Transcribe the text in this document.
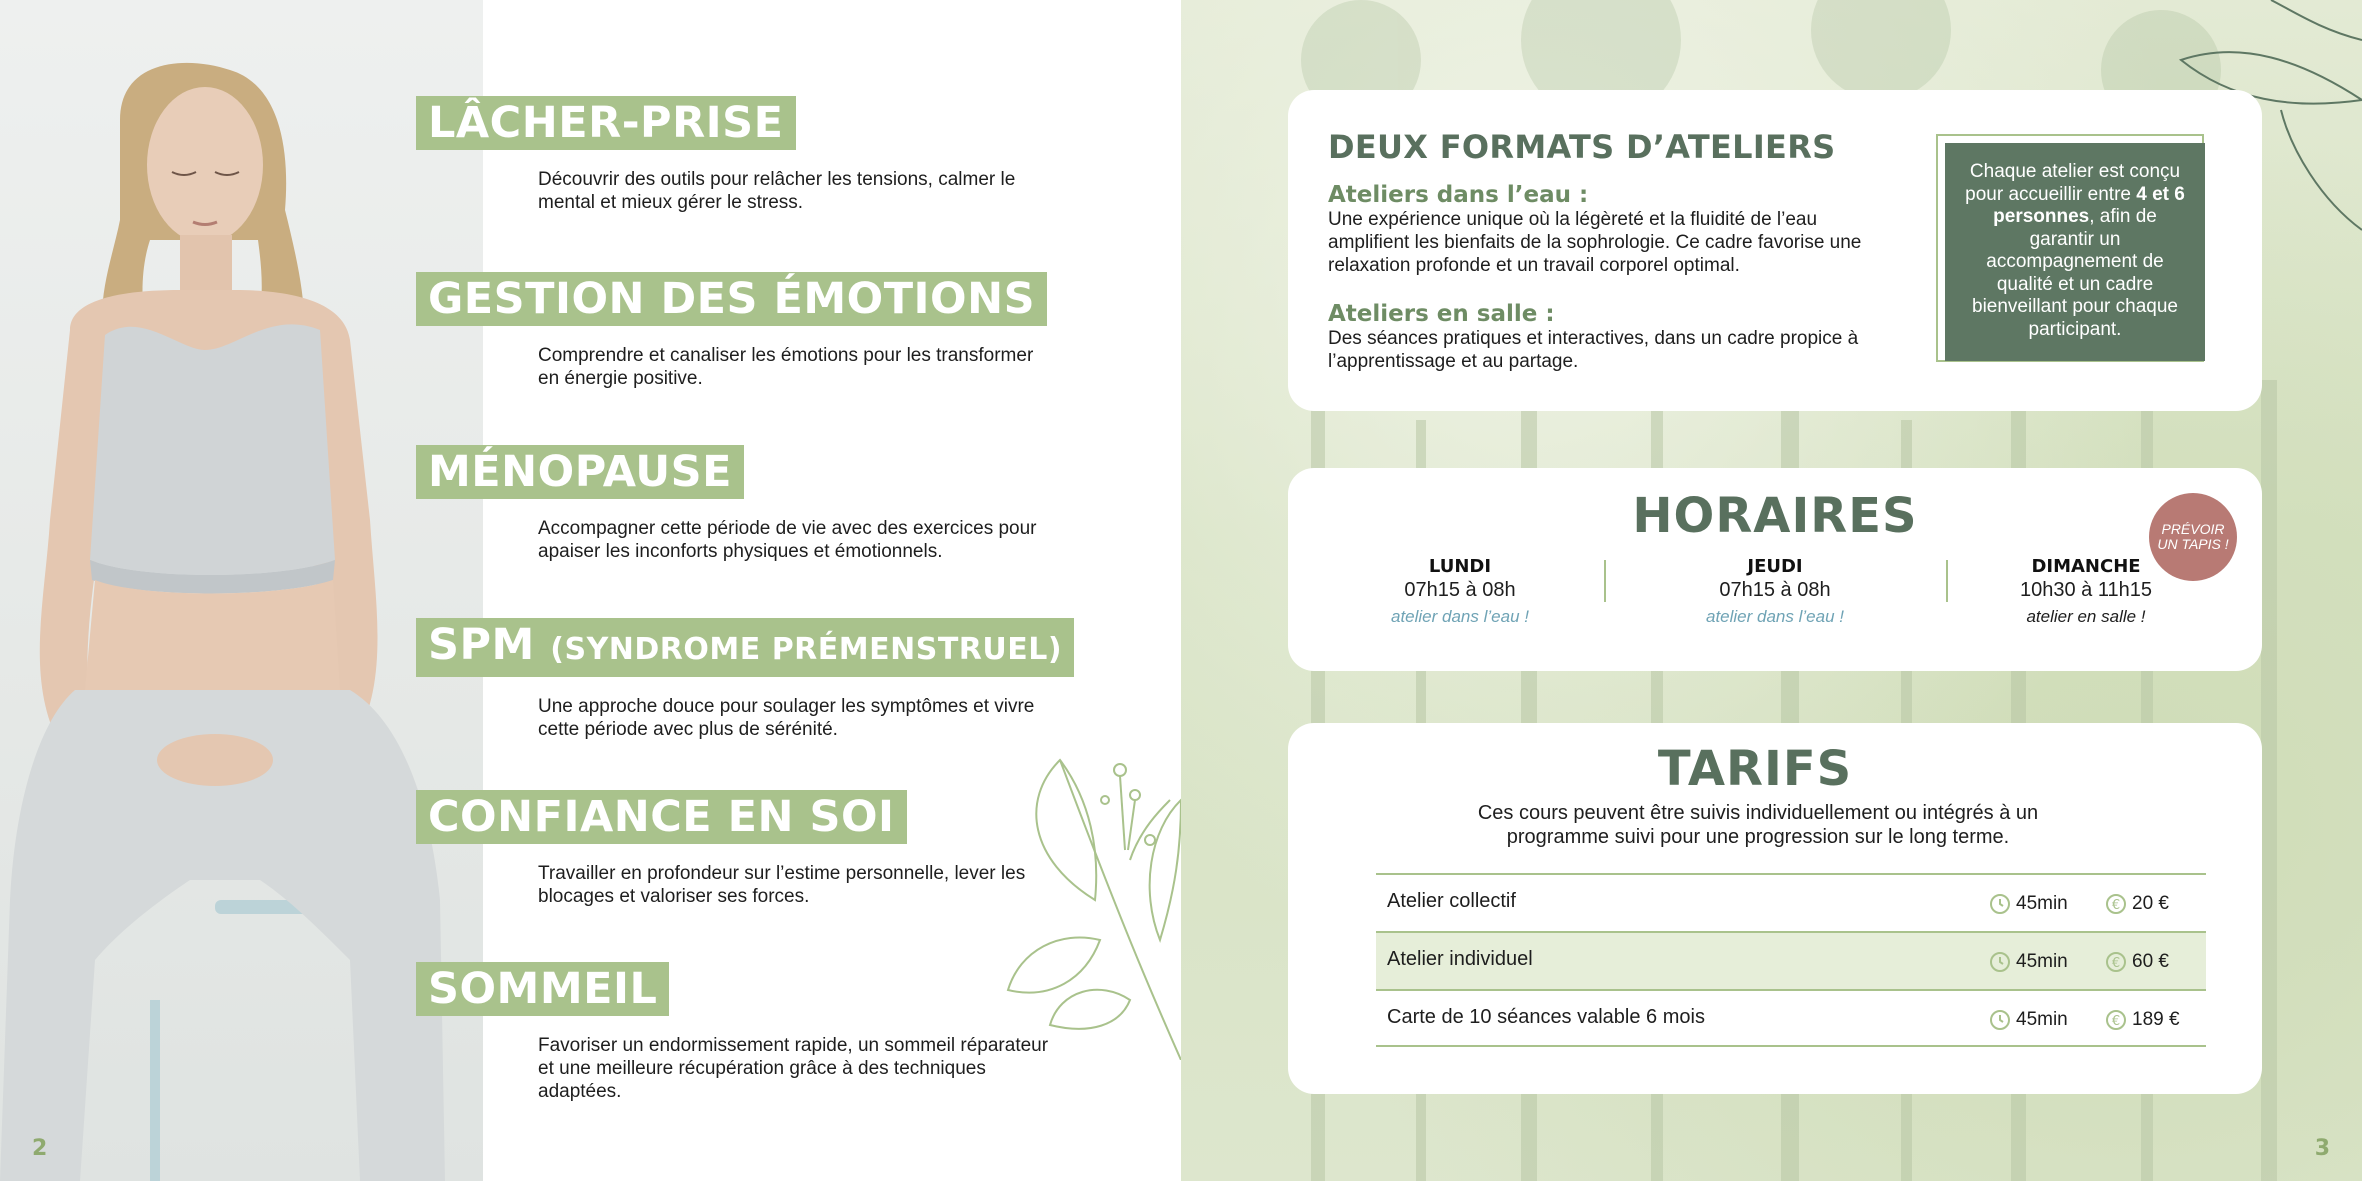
LÂCHER-PRISE
Découvrir des outils pour relâcher les tensions, calmer le mental et mieux gérer le stress.
GESTION DES ÉMOTIONS
Comprendre et canaliser les émotions pour les transformer en énergie positive.
MÉNOPAUSE
Accompagner cette période de vie avec des exercices pour apaiser les inconforts physiques et émotionnels.
SPM (SYNDROME PRÉMENSTRUEL)
Une approche douce pour soulager les symptômes et vivre cette période avec plus de sérénité.
CONFIANCE EN SOI
Travailler en profondeur sur l’estime personnelle, lever les blocages et valoriser ses forces.
SOMMEIL
Favoriser un endormissement rapide, un sommeil réparateur et une meilleure récupération grâce à des techniques adaptées.
2
DEUX FORMATS D’ATELIERS
Ateliers dans l’eau :

Une expérience unique où la légèreté et la fluidité de l’eau amplifient les bienfaits de la sophrologie. Ce cadre favorise une relaxation profonde et un travail corporel optimal.

Ateliers en salle :

Des séances pratiques et interactives, dans un cadre propice à l’apprentissage et au partage.

Chaque atelier est conçu pour accueillir entre 4 et 6 personnes, afin de garantir un accompagnement de qualité et un cadre bienveillant pour chaque participant.
HORAIRES
LUNDI
07h15 à 08h
atelier dans l’eau !
JEUDI
07h15 à 08h
atelier dans l’eau !
DIMANCHE
10h30 à 11h15
atelier en salle !
PRÉVOIR
UN TAPIS !
TARIFS
Ces cours peuvent être suivis individuellement ou intégrés à un programme suivi pour une progression sur le long terme.
Atelier collectif	45min	€ 20 €
Atelier individuel	45min	€ 60 €
Carte de 10 séances valable 6 mois	45min	€ 189 €
3
